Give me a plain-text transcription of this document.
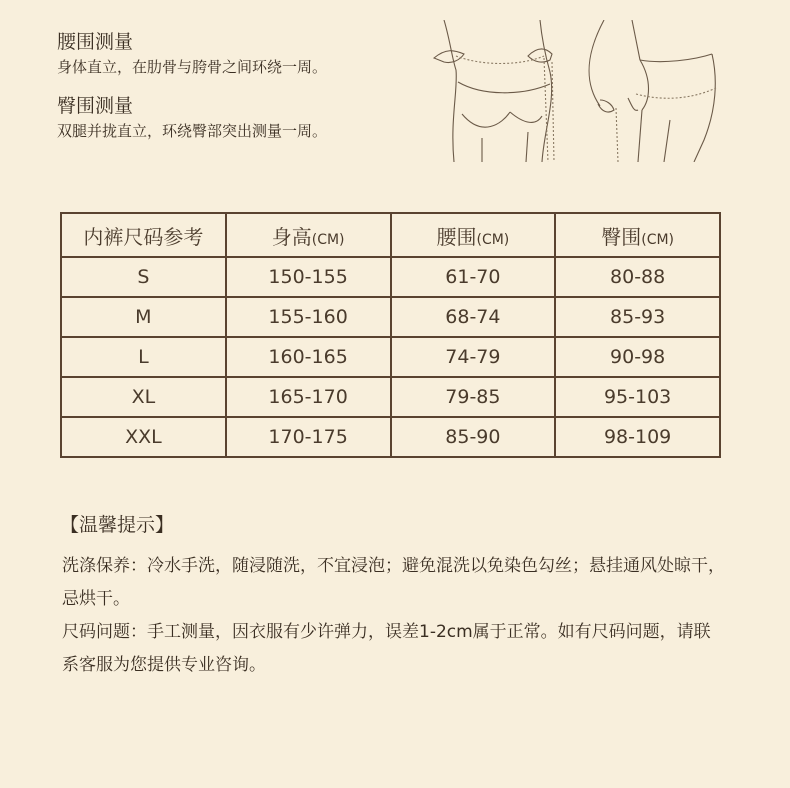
腰围测量
身体直立，在肋骨与胯骨之间环绕一周。
臀围测量
双腿并拢直立，环绕臀部突出测量一周。
内裤尺码参考	身高(CM)	腰围(CM)	臀围(CM)
S	150-155	61-70	80-88
M	155-160	68-74	85-93
L	160-165	74-79	90-98
XL	165-170	79-85	95-103
XXL	170-175	85-90	98-109
【温馨提示】

洗涤保养：冷水手洗，随浸随洗，不宜浸泡；避免混洗以免染色勾丝；悬挂通风处晾干，忌烘干。

尺码问题：手工测量，因衣服有少许弹力，误差1-2cm属于正常。如有尺码问题，请联系客服为您提供专业咨询。
